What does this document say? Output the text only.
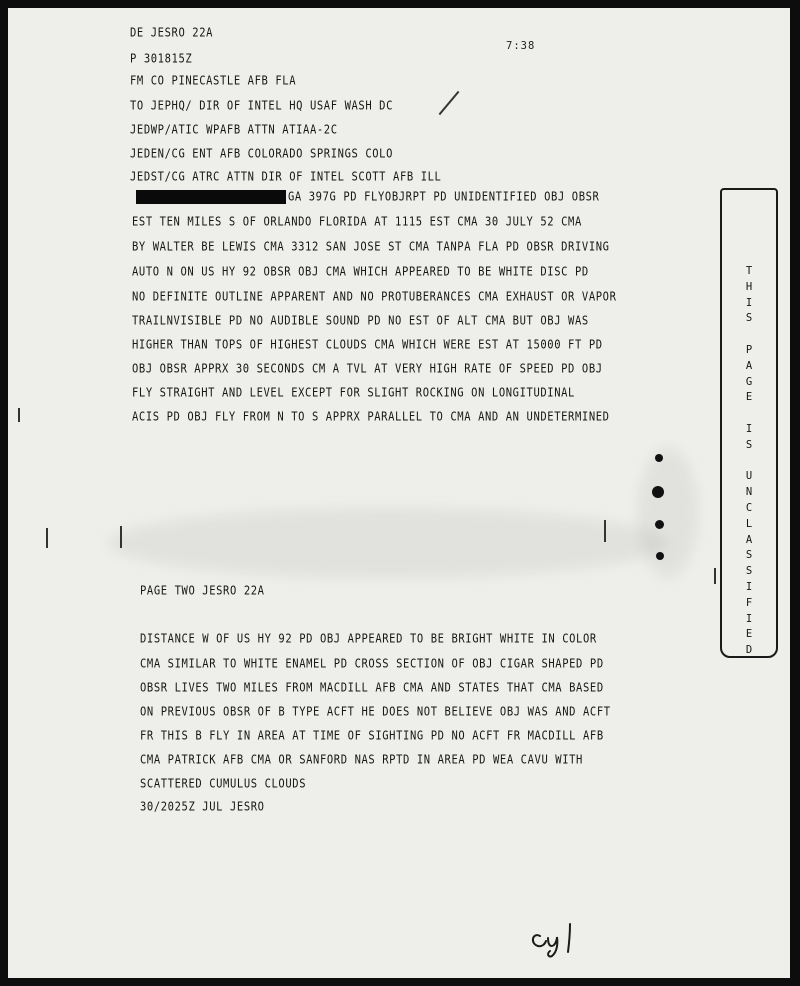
7:38
DE JESRO 22A
P 301815Z
FM CO PINECASTLE AFB FLA
TO JEPHQ/ DIR OF INTEL HQ USAF WASH DC
JEDWP/ATIC WPAFB ATTN ATIAA-2C
JEDEN/CG ENT AFB COLORADO SPRINGS COLO
JEDST/CG ATRC ATTN DIR OF INTEL SCOTT AFB ILL
GA 397G PD FLYOBJRPT PD UNIDENTIFIED OBJ OBSR
EST TEN MILES S OF ORLANDO FLORIDA AT 1115 EST CMA 30 JULY 52 CMA
BY WALTER BE LEWIS CMA 3312 SAN JOSE ST CMA TANPA FLA PD OBSR DRIVING
AUTO N ON US HY 92 OBSR OBJ CMA WHICH APPEARED TO BE WHITE DISC PD
NO DEFINITE OUTLINE APPARENT AND NO PROTUBERANCES CMA EXHAUST OR VAPOR
TRAILNVISIBLE PD NO AUDIBLE SOUND PD NO EST OF ALT CMA BUT OBJ WAS
HIGHER THAN TOPS OF HIGHEST CLOUDS CMA WHICH WERE EST AT 15000 FT PD
OBJ OBSR APPRX 30 SECONDS CM A TVL AT VERY HIGH RATE OF SPEED PD OBJ
FLY STRAIGHT AND LEVEL EXCEPT FOR SLIGHT ROCKING ON LONGITUDINAL
ACIS PD OBJ FLY FROM N TO S APPRX PARALLEL TO CMA AND AN UNDETERMINED
PAGE TWO JESRO 22A
DISTANCE W OF US HY 92 PD OBJ APPEARED TO BE BRIGHT WHITE IN COLOR
CMA SIMILAR TO WHITE ENAMEL PD CROSS SECTION OF OBJ CIGAR SHAPED PD
OBSR LIVES TWO MILES FROM MACDILL AFB CMA AND STATES THAT CMA BASED
ON PREVIOUS OBSR OF B TYPE ACFT HE DOES NOT BELIEVE OBJ WAS AND ACFT
FR THIS B FLY IN AREA AT TIME OF SIGHTING PD NO ACFT FR MACDILL AFB
CMA PATRICK AFB CMA OR SANFORD NAS RPTD IN AREA PD WEA CAVU WITH
SCATTERED CUMULUS CLOUDS
30/2025Z JUL JESRO
T
H
I
S
P
A
G
E
I
S
U
N
C
L
A
S
S
I
F
I
E
D
